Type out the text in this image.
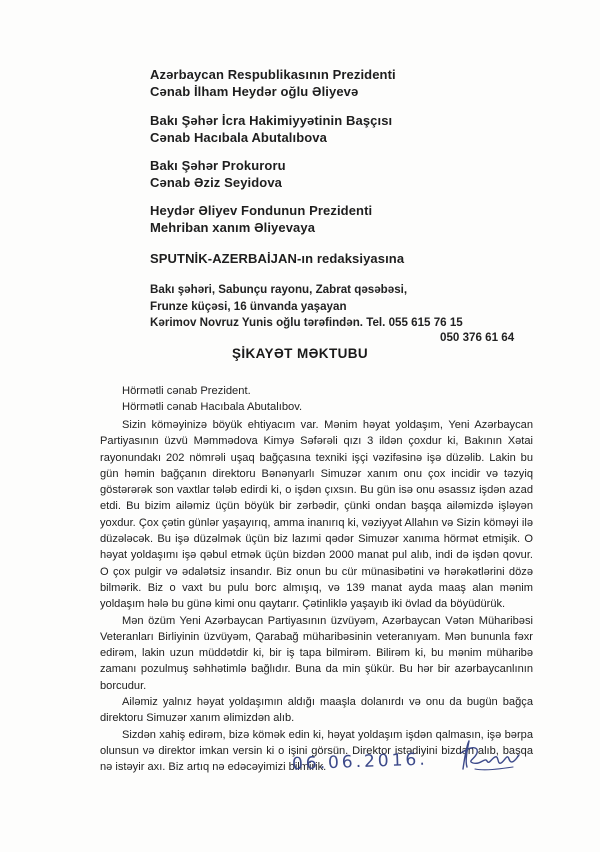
Azərbaycan Respublikasının Prezidenti
Cənab İlham Heydər oğlu Əliyevə
Bakı Şəhər İcra Hakimiyyətinin Başçısı
Cənab Hacıbala Abutalıbova
Bakı Şəhər Prokuroru
Cənab Əziz Seyidova
Heydər Əliyev Fondunun Prezidenti
Mehriban xanım Əliyevaya
SPUTNİK-AZERBAİJAN-ın redaksiyasına
Bakı şəhəri, Sabunçu rayonu, Zabrat qəsəbəsi,
Frunze küçəsi, 16 ünvanda yaşayan
Kərimov Novruz Yunis oğlu tərəfindən. Tel. 055 615 76 15
050 376 61 64
ŞİKAYƏT MƏKTUBU
Hörmətli cənab Prezident.
Hörmətli cənab Hacıbala Abutalıbov.

Sizin köməyinizə böyük ehtiyacım var. Mənim həyat yoldaşım, Yeni Azərbaycan Partiyasının üzvü Məmmədova Kimyə Səfərəli qızı 3 ildən çoxdur ki, Bakının Xətai rayonundakı 202 nömrəli uşaq bağçasına texniki işçi vəzifəsinə işə düzəlib. Lakin bu gün həmin bağçanın direktoru Bənənyarlı Simuzər xanım onu çox incidir və təzyiq göstərərək son vaxtlar tələb edirdi ki, o işdən çıxsın. Bu gün isə onu əsassız işdən azad etdi. Bu bizim ailəmiz üçün böyük bir zərbədir, çünki ondan başqa ailəmizdə işləyən yoxdur. Çox çətin günlər yaşayırıq, amma inanırıq ki, vəziyyət Allahın və Sizin köməyi ilə düzələcək. Bu işə düzəlmək üçün biz lazımi qədər Simuzər xanıma hörmət etmişik. O həyat yoldaşımı işə qəbul etmək üçün bizdən 2000 manat pul alıb, indi də işdən qovur. O çox pulgir və ədalətsiz insandır. Biz onun bu cür münasibətini və hərəkətlərini dözə bilmərik. Biz o vaxt bu pulu borc almışıq, və 139 manat ayda maaş alan mənim yoldaşım hələ bu günə kimi onu qaytarır. Çətinliklə yaşayıb iki övlad da böyüdürük.

Mən özüm Yeni Azərbaycan Partiyasının üzvüyəm, Azərbaycan Vətən Müharibəsi Veteranları Birliyinin üzvüyəm, Qarabağ müharibəsinin veteranıyam. Mən bununla fəxr edirəm, lakin uzun müddətdir ki, bir iş tapa bilmirəm. Bilirəm ki, bu mənim müharibə zamanı pozulmuş səhhətimlə bağlıdır. Buna da min şükür. Bu hər bir azərbaycanlının borcudur.

Ailəmiz yalnız həyat yoldaşımın aldığı maaşla dolanırdı və onu da bugün bağça direktoru Simuzər xanım əlimizdən alıb.

Sizdən xahiş edirəm, bizə kömək edin ki, həyat yoldaşım işdən qalmasın, işə bərpa olunsun və direktor imkan versin ki o işini görsün. Direktor istədiyini bizdən alıb, başqa nə istəyir axı. Biz artıq nə edəcəyimizi bilmirik.

06.06.2016.
